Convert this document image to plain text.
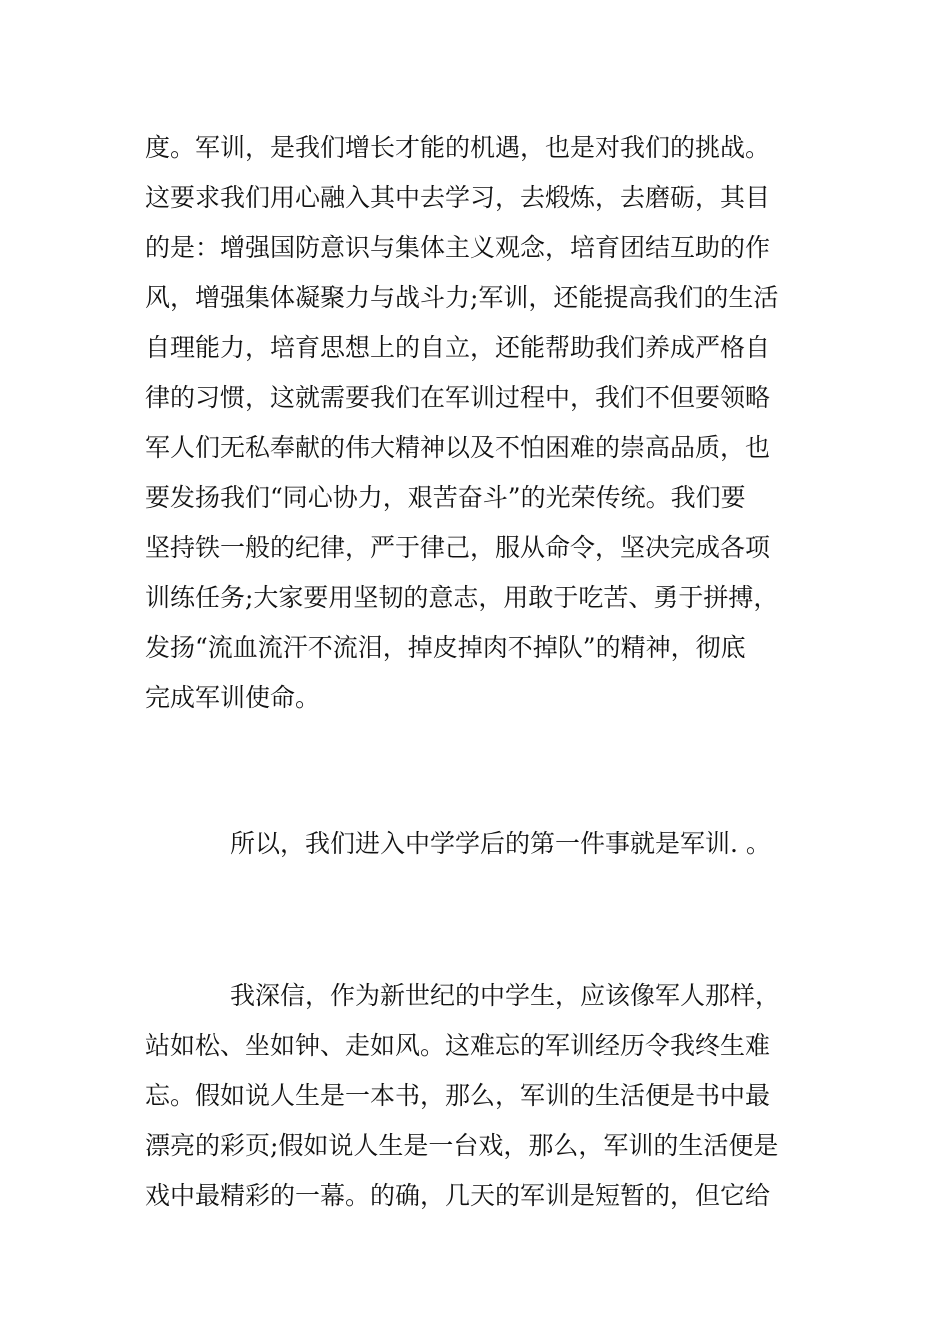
度。军训，是我们增长才能的机遇，也是对我们的挑战。
这要求我们用心融入其中去学习，去煅炼，去磨砺，其目
的是：增强国防意识与集体主义观念，培育团结互助的作
风，增强集体凝聚力与战斗力;军训，还能提高我们的生活
自理能力，培育思想上的自立，还能帮助我们养成严格自
律的习惯，这就需要我们在军训过程中，我们不但要领略
军人们无私奉献的伟大精神以及不怕困难的崇高品质，也
要发扬我们“同心协力，艰苦奋斗”的光荣传统。我们要
坚持铁一般的纪律，严于律己，服从命令，坚决完成各项
训练任务;大家要用坚韧的意志，用敢于吃苦、勇于拼搏，
发扬“流血流汗不流泪，掉皮掉肉不掉队”的精神，彻底
完成军训使命。
所以，我们进入中学学后的第一件事就是军训. 。
我深信，作为新世纪的中学生，应该像军人那样，
站如松、坐如钟、走如风。这难忘的军训经历令我终生难
忘。假如说人生是一本书，那么，军训的生活便是书中最
漂亮的彩页;假如说人生是一台戏，那么，军训的生活便是
戏中最精彩的一幕。的确，几天的军训是短暂的，但它给
